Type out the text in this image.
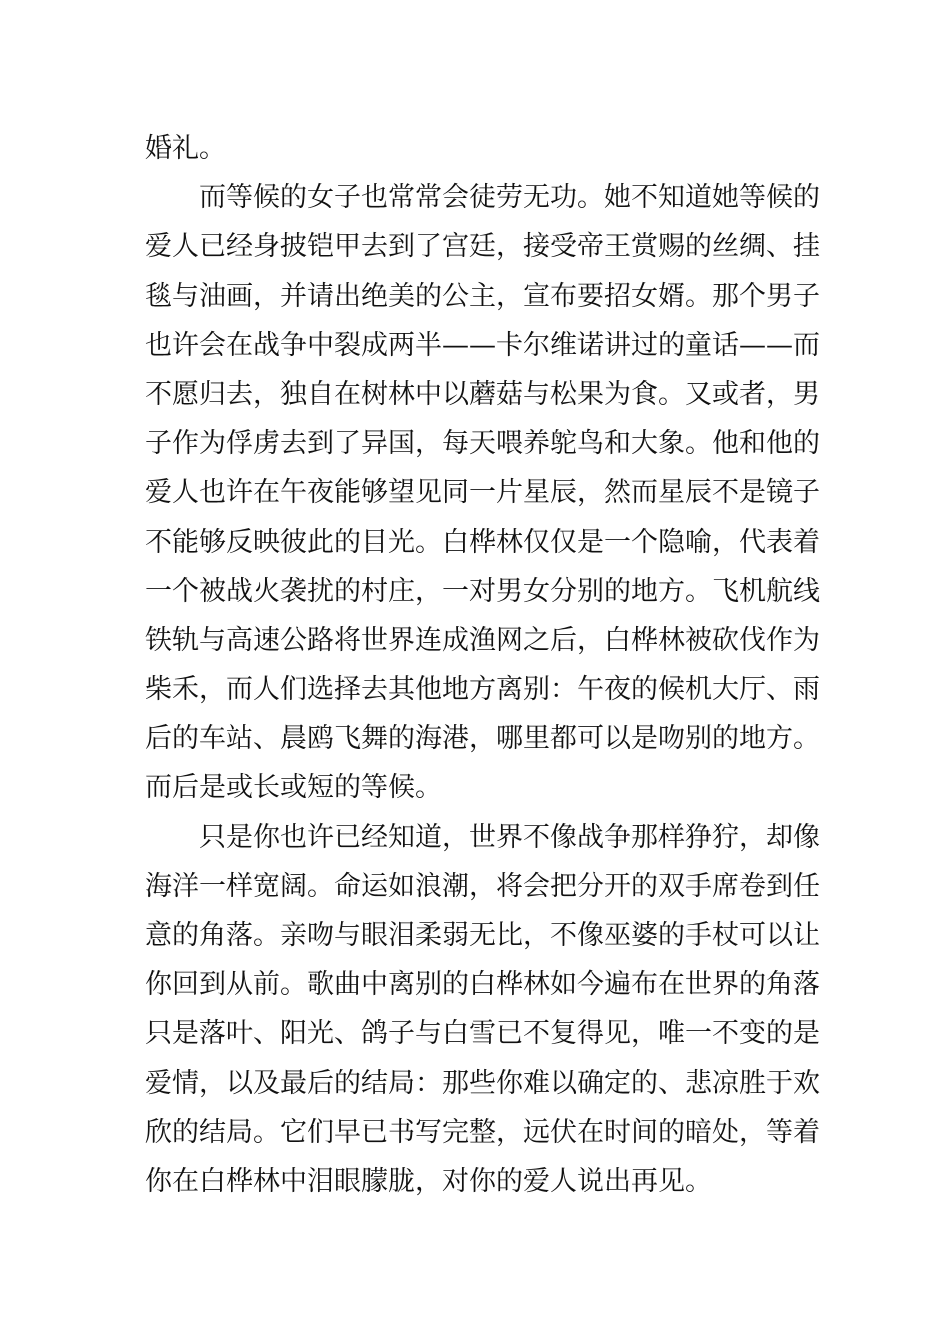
婚礼。
而等候的女子也常常会徒劳无功。她不知道她等候的
爱人已经身披铠甲去到了宫廷，接受帝王赏赐的丝绸、挂
毯与油画，并请出绝美的公主，宣布要招女婿。那个男子
也许会在战争中裂成两半——卡尔维诺讲过的童话——而
不愿归去，独自在树林中以蘑菇与松果为食。又或者，男
子作为俘虏去到了异国，每天喂养鸵鸟和大象。他和他的
爱人也许在午夜能够望见同一片星辰，然而星辰不是镜子
不能够反映彼此的目光。白桦林仅仅是一个隐喻，代表着
一个被战火袭扰的村庄，一对男女分别的地方。飞机航线
铁轨与高速公路将世界连成渔网之后，白桦林被砍伐作为
柴禾，而人们选择去其他地方离别：午夜的候机大厅、雨
后的车站、晨鸥飞舞的海港，哪里都可以是吻别的地方。
而后是或长或短的等候。
只是你也许已经知道，世界不像战争那样狰狞，却像
海洋一样宽阔。命运如浪潮，将会把分开的双手席卷到任
意的角落。亲吻与眼泪柔弱无比，不像巫婆的手杖可以让
你回到从前。歌曲中离别的白桦林如今遍布在世界的角落
只是落叶、阳光、鸽子与白雪已不复得见，唯一不变的是
爱情，以及最后的结局：那些你难以确定的、悲凉胜于欢
欣的结局。它们早已书写完整，远伏在时间的暗处，等着
你在白桦林中泪眼朦胧，对你的爱人说出再见。
